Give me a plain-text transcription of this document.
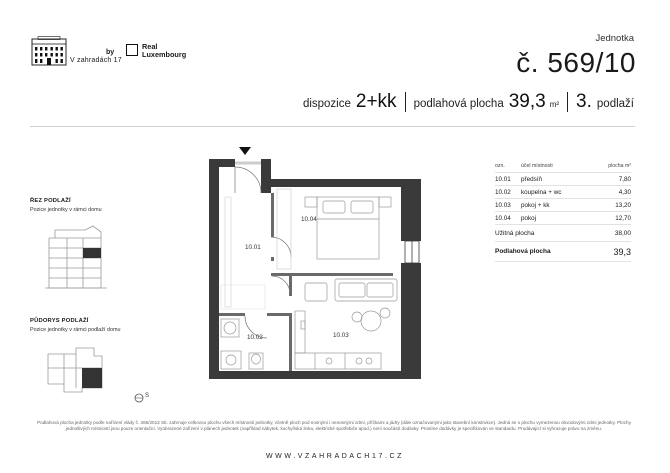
V zahradách 17
by
Real
Luxembourg
Jednotka
č. 569/10
dispozice 2+kk podlahová plocha 39,3 m² 3. podlaží
ŘEZ PODLAŽÍ
Pozice jednotky v rámci domu
PŮDORYS PODLAŽÍ
Pozice jednotky v rámci podlaží domu
S
10.01
10.02	10.03
10.04
ozn.	účel místnosti	plocha m²
10.01	předsíň	7,80
10.02	koupelna + wc	4,30
10.03	pokoj + kk	13,20
10.04	pokoj	12,70
Užitná plocha	38,00
Podlahová plocha	39,3
Podlahová plocha jednotky podle nařízení vlády č. 366/2013 Sb. zahrnuje celkovou plochu všech místností jednotky, včetně ploch pod nosnými i nenosnými zdmi, příčkami a jádry (dále označovanými jako stavební konstrukce). Jedná se o plochu vymezenou obvodovými zdmi jednotky. Plochy jednotlivých místností jsou pouze orientační. Vyobrazené zařízení v plánech jednotek (například nábytek, kuchyňská linka, elektrické spotřebiče apod.) není součástí dodávky. Prosíme dodávky je specifikován ve standardu. Prodávající si vyhrazuje právo na změnu.
WWW.VZAHRADACH17.CZ
